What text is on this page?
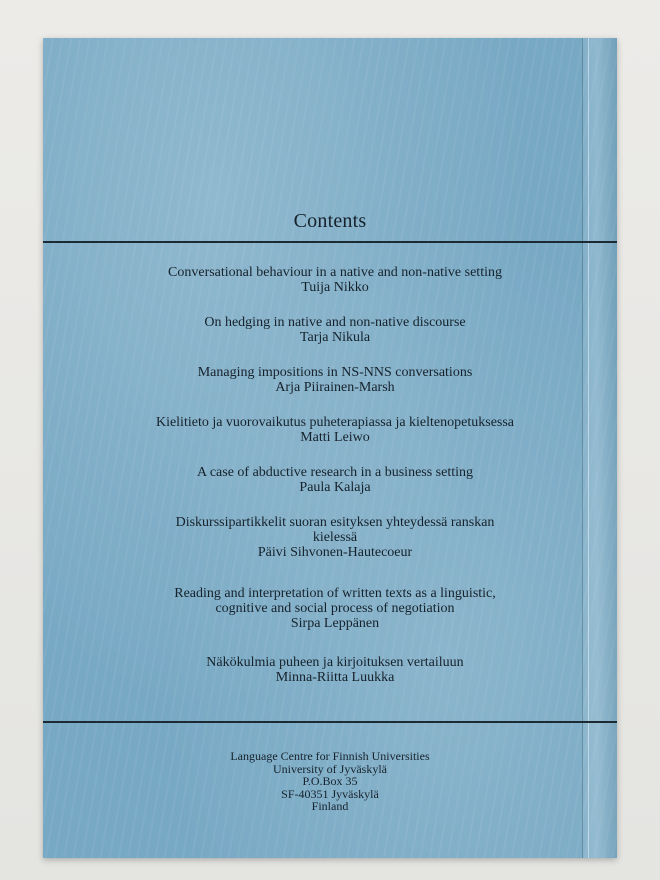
Contents
Conversational behaviour in a native and non-native setting
Tuija Nikko
On hedging in native and non-native discourse
Tarja Nikula
Managing impositions in NS-NNS conversations
Arja Piirainen-Marsh
Kielitieto ja vuorovaikutus puheterapiassa ja kieltenopetuksessa
Matti Leiwo
A case of abductive research in a business setting
Paula Kalaja
Diskurssipartikkelit suoran esityksen yhteydessä ranskan
kielessä
Päivi Sihvonen-Hautecoeur
Reading and interpretation of written texts as a linguistic,
cognitive and social process of negotiation
Sirpa Leppänen
Näkökulmia puheen ja kirjoituksen vertailuun
Minna-Riitta Luukka
Language Centre for Finnish Universities
University of Jyväskylä
P.O.Box 35
SF-40351 Jyväskylä
Finland
